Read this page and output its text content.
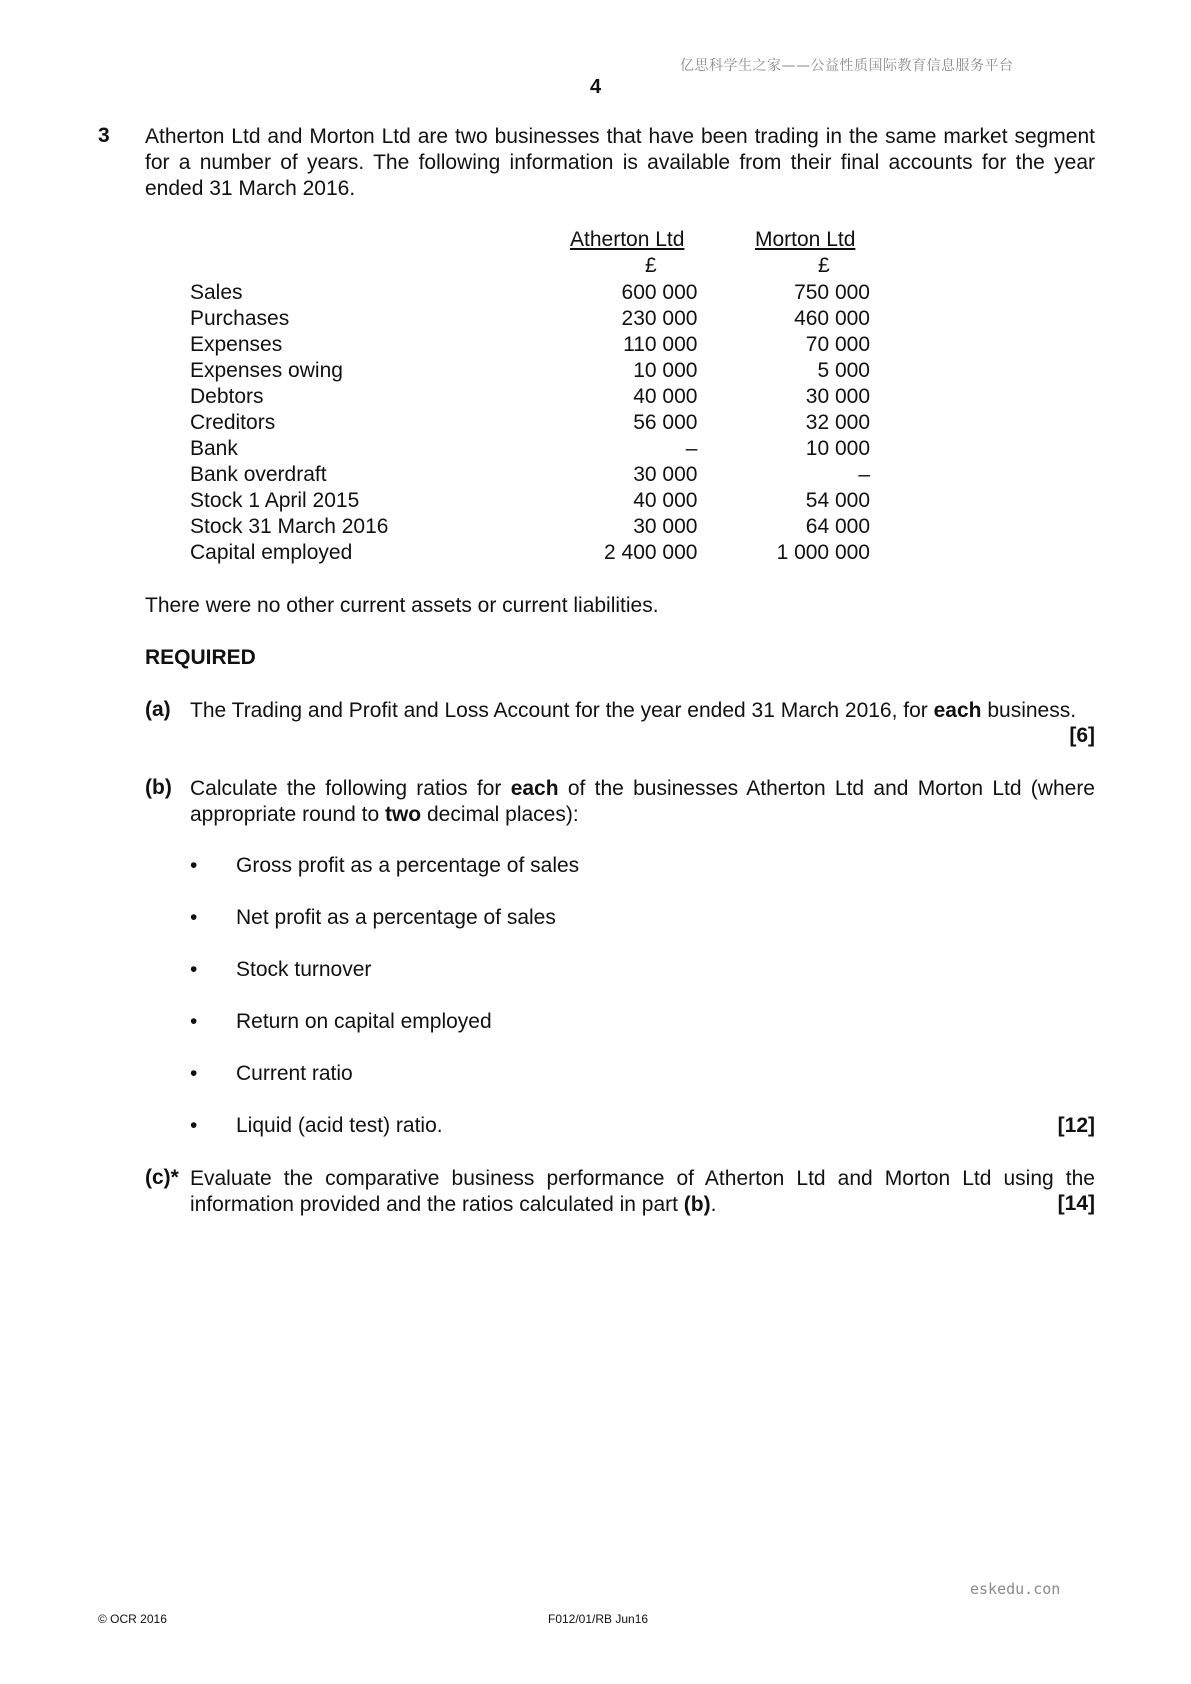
亿思科学生之家——公益性质国际教育信息服务平台
4
3 Atherton Ltd and Morton Ltd are two businesses that have been trading in the same market segment for a number of years. The following information is available from their final accounts for the year ended 31 March 2016.
Atherton Ltd	Morton Ltd
£	£
Sales	600 000	750 000
Purchases	230 000	460 000
Expenses	110 000	70 000
Expenses owing	10 000	5 000
Debtors	40 000	30 000
Creditors	56 000	32 000
Bank	–	10 000
Bank overdraft	30 000	–
Stock 1 April 2015	40 000	54 000
Stock 31 March 2016	30 000	64 000
Capital employed	2 400 000	1 000 000
There were no other current assets or current liabilities.
REQUIRED
(a) The Trading and Profit and Loss Account for the year ended 31 March 2016, for each business.
[6]
(b) Calculate the following ratios for each of the businesses Atherton Ltd and Morton Ltd (where appropriate round to two decimal places):
• Gross profit as a percentage of sales
• Net profit as a percentage of sales
• Stock turnover
• Return on capital employed
• Current ratio
• Liquid (acid test) ratio.	[12]
(c)* Evaluate the comparative business performance of Atherton Ltd and Morton Ltd using the information provided and the ratios calculated in part (b).	[14]
eskedu.con
© OCR 2016	F012/01/RB Jun16
